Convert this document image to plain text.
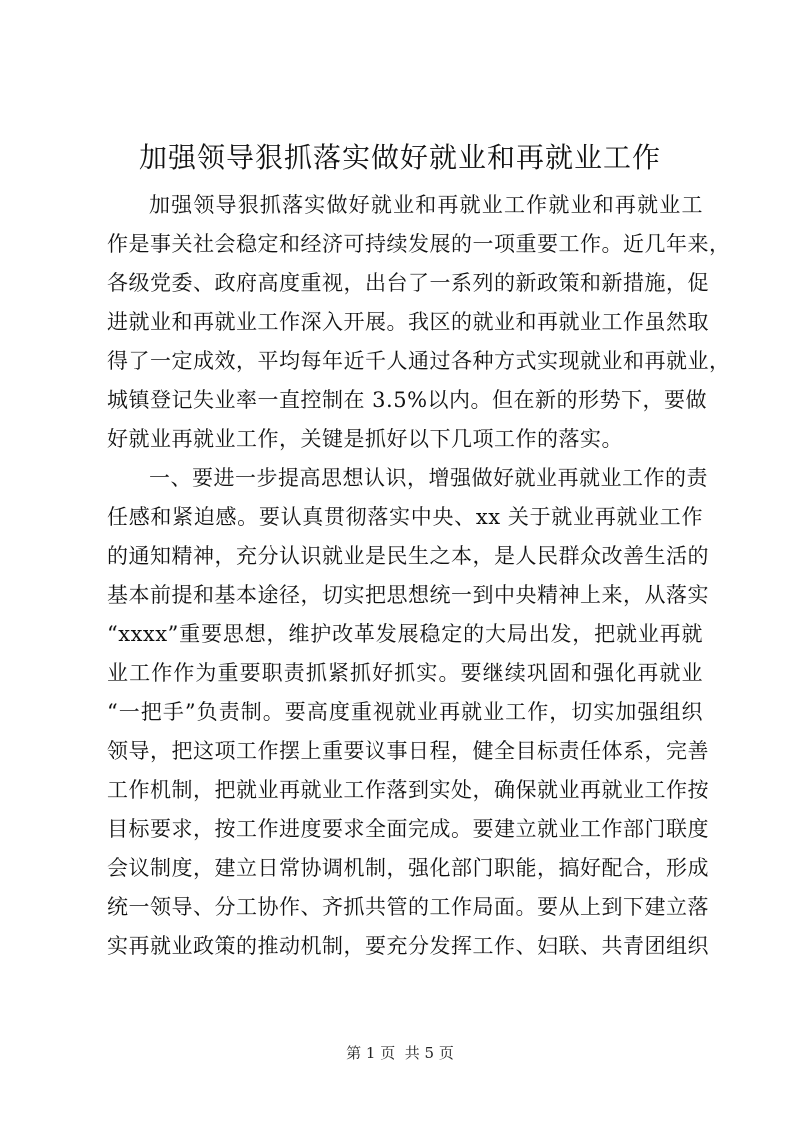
加强领导狠抓落实做好就业和再就业工作
加强领导狠抓落实做好就业和再就业工作就业和再就业工
作是事关社会稳定和经济可持续发展的一项重要工作。近几年来，
各级党委、政府高度重视，出台了一系列的新政策和新措施，促
进就业和再就业工作深入开展。我区的就业和再就业工作虽然取
得了一定成效，平均每年近千人通过各种方式实现就业和再就业，
城镇登记失业率一直控制在 3.5%以内。但在新的形势下，要做
好就业再就业工作，关键是抓好以下几项工作的落实。
一、要进一步提高思想认识，增强做好就业再就业工作的责
任感和紧迫感。要认真贯彻落实中央、xx 关于就业再就业工作
的通知精神，充分认识就业是民生之本，是人民群众改善生活的
基本前提和基本途径，切实把思想统一到中央精神上来，从落实
“xxxx”重要思想，维护改革发展稳定的大局出发，把就业再就
业工作作为重要职责抓紧抓好抓实。要继续巩固和强化再就业
“一把手”负责制。要高度重视就业再就业工作，切实加强组织
领导，把这项工作摆上重要议事日程，健全目标责任体系，完善
工作机制，把就业再就业工作落到实处，确保就业再就业工作按
目标要求，按工作进度要求全面完成。要建立就业工作部门联度
会议制度，建立日常协调机制，强化部门职能，搞好配合，形成
统一领导、分工协作、齐抓共管的工作局面。要从上到下建立落
实再就业政策的推动机制，要充分发挥工作、妇联、共青团组织
第 1 页  共 5 页
